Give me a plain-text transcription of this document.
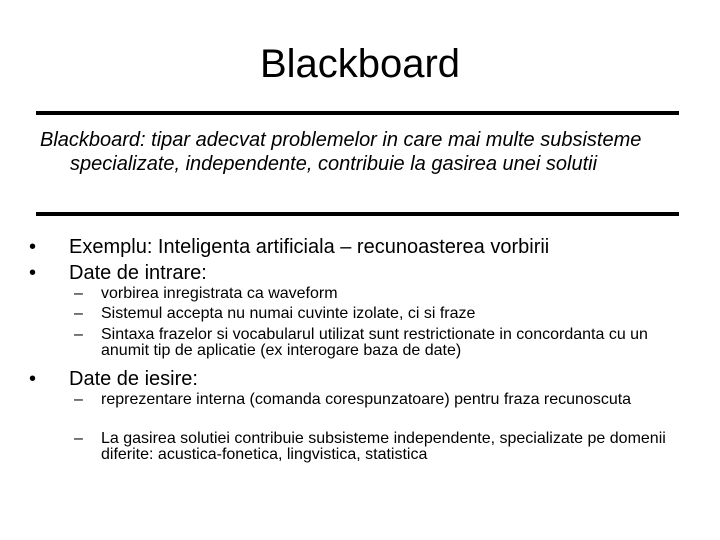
Blackboard
Blackboard: tipar adecvat problemelor in care mai multe subsisteme specializate, independente, contribuie la gasirea unei solutii
• Exemplu: Inteligenta artificiala – recunoasterea vorbirii
• Date de intrare:
– vorbirea inregistrata ca waveform
– Sistemul accepta nu numai cuvinte izolate, ci si fraze
– Sintaxa frazelor si vocabularul utilizat sunt restrictionate in concordanta cu un anumit tip de aplicatie (ex interogare baza de date)
• Date de iesire:
– reprezentare interna (comanda corespunzatoare) pentru fraza recunoscuta
– La gasirea solutiei contribuie subsisteme independente, specializate pe domenii diferite: acustica-fonetica, lingvistica, statistica
